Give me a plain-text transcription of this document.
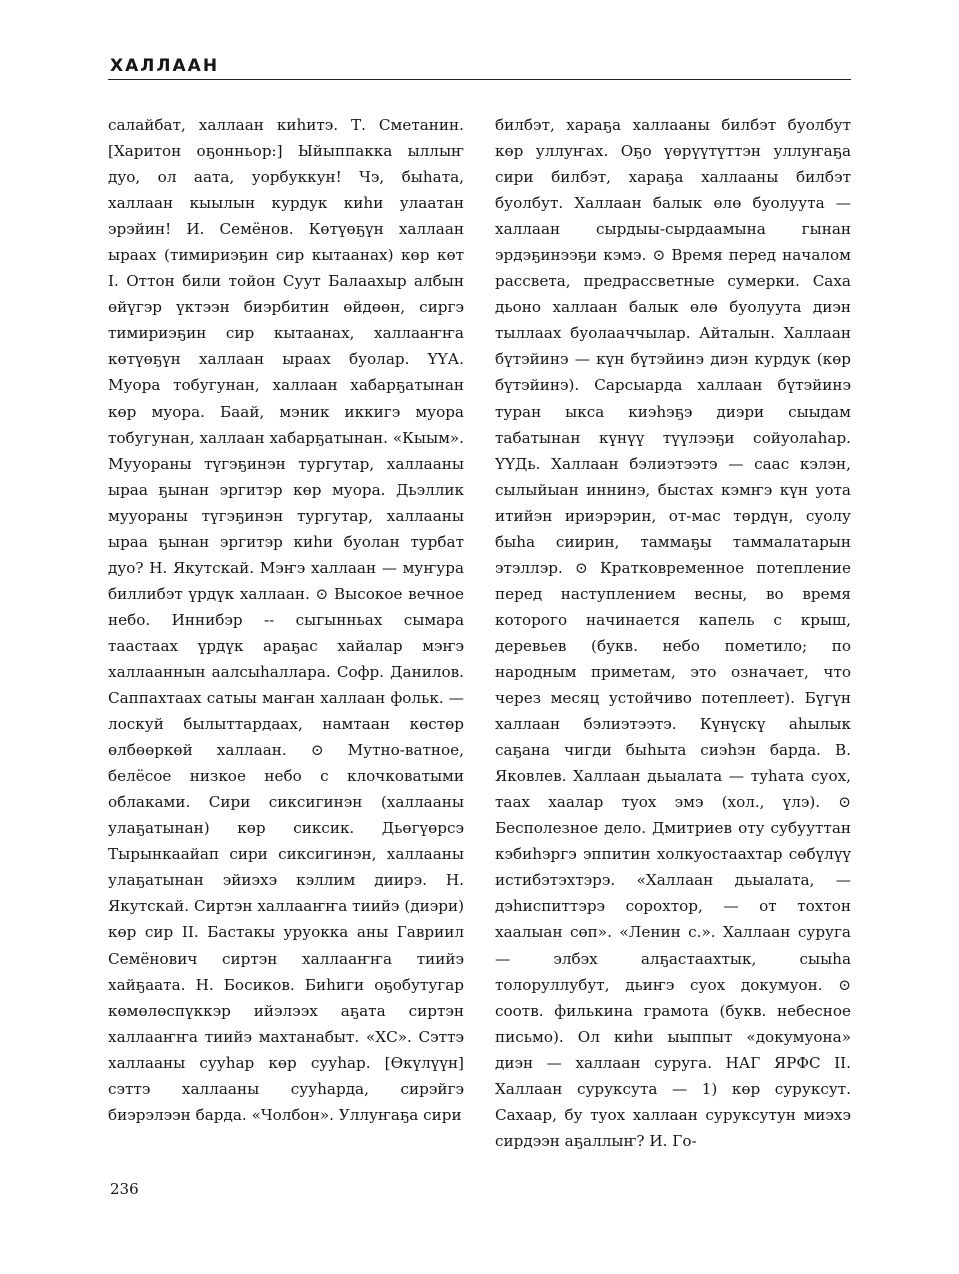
ХАЛЛААН

салайбат, халлаан киһитэ. Т. Сметанин. [Харитон оҕонньор:] Ыйыппакка ыллыҥ дуо, ол аата, уорбуккун! Чэ, быһата, халлаан кыылын курдук киһи улаатан эрэйин! И. Семёнов. Көтүөҕүн халлаан ыраах (тимириэҕин сир кытаанах) көр көт I. Оттон били тойон Суут Балаахыр албын өйүгэр үктээн биэрбитин өйдөөн, сиргэ тимириэҕин сир кытаанах, халлааҥҥа көтүөҕүн халлаан ыраах буолар. ҮҮА. Муора тобугунан, халлаан хабарҕатынан көр муора. Баай, мэник иккигэ муора тобугунан, халлаан хабарҕатынан. «Кыым». Мууораны түгэҕинэн тургутар, халлааны ыраа ҕынан эргитэр көр муора. Дьэллик мууораны түгэҕинэн тургутар, халлааны ыраа ҕынан эргитэр киһи буолан турбат дуо? Н. Якутскай. Мэҥэ халлаан — муҥура биллибэт үрдүк халлаан. ⊙ Высокое вечное небо. Иннибэр -- сыгынньах сымара таастаах үрдүк араҕас хайалар мэҥэ халлааннын аалсыһаллара. Софр. Данилов. Саппахтаах сатыы маҥан халлаан фольк. — лоскуй былыттардаах, намтаан көстөр өлбөөркөй халлаан. ⊙ Мутно-ватное, белёсое низкое небо с клочковатыми облаками. Сири сиксигинэн (халлааны улаҕатынан) көр сиксик. Дьөгүөрсэ Тырынкаайап сири сиксигинэн, халлааны улаҕатынан эйиэхэ кэллим диирэ. Н. Якутскай. Сиртэн халлааҥҥа тиийэ (диэри) көр сир II. Бастакы уруокка аны Гавриил Семёнович сиртэн халлааҥҥа тиийэ хайҕаата. Н. Босиков. Биһиги оҕобутугар көмөлөспүккэр ийэлээх аҕата сиртэн халлааҥҥа тиийэ махтанабыт. «ХС». Сэттэ халлааны сууһар көр сууһар. [Өкүлүүн] сэттэ халлааны сууһарда, сирэйгэ биэрэлээн барда. «Чолбон». Уллуҥаҕа сири

билбэт, хараҕа халлааны билбэт буолбут көр уллуҥах. Оҕо үөрүүтүттэн уллуҥаҕа сири билбэт, хараҕа халлааны билбэт буолбут. Халлаан балык өлө буолуута — халлаан сырдыы-сырдаамына гынан эрдэҕинээҕи кэмэ. ⊙ Время перед началом рассвета, предрассветные сумерки. Саха дьоно халлаан балык өлө буолуута диэн тыллаах буолааччылар. Айталын. Халлаан бүтэйинэ — күн бүтэйинэ диэн курдук (көр бүтэйинэ). Сарсыарда халлаан бүтэйинэ туран ыкса киэһэҕэ диэри сыыдам табатынан күнүү түүлээҕи сойуолаһар. ҮҮДь. Халлаан бэлиэтээтэ — саас кэлэн, сылыйыан иннинэ, быстах кэмҥэ күн уота итийэн ириэрэрин, от-мас төрдүн, суолу быһа сиирин, таммаҕы таммалатарын этэллэр. ⊙ Кратковременное потепление перед наступлением весны, во время которого начинается капель с крыш, деревьев (букв. небо пометило; по народным приметам, это означает, что через месяц устойчиво потеплеет). Бүгүн халлаан бэлиэтээтэ. Күнүскү аһылык саҕана чигди быһыта сиэһэн барда. В. Яковлев. Халлаан дьыалата — туһата суох, таах хаалар туох эмэ (хол., үлэ). ⊙ Бесполезное дело. Дмитриев оту субууттан кэбиһэргэ эппитин холкуостаахтар сөбүлүү истибэтэхтэрэ. «Халлаан дьыалата, — дэһиспиттэрэ сорохтор, — от тохтон хаалыан сөп». «Ленин с.». Халлаан суруга — элбэх алҕастаахтык, сыыһа толоруллубут, дьиҥэ суох докумуон. ⊙ соотв. филькина грамота (букв. небесное письмо). Ол киһи ыыппыт «докумуона» диэн — халлаан суруга. НАГ ЯРФС II. Халлаан суруксута — 1) көр суруксут. Сахаар, бу туох халлаан суруксутун миэхэ сирдээн аҕаллыҥ? И. Го-

236
